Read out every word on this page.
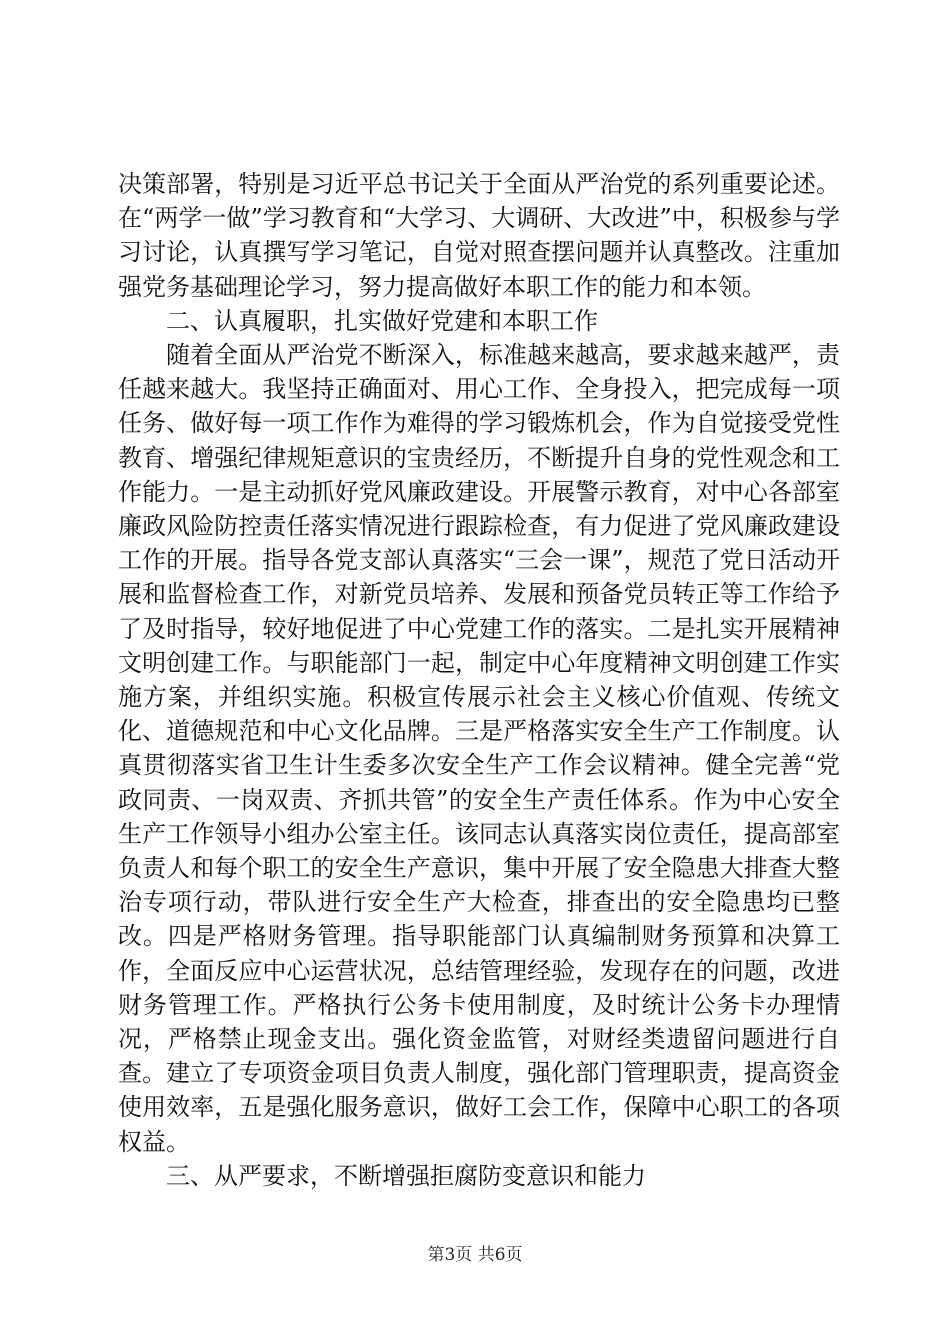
决策部署，特别是习近平总书记关于全面从严治党的系列重要论述。在“两学一做”学习教育和“大学习、大调研、大改进”中，积极参与学习讨论，认真撰写学习笔记，自觉对照查摆问题并认真整改。注重加强党务基础理论学习，努力提高做好本职工作的能力和本领。

二、认真履职，扎实做好党建和本职工作

随着全面从严治党不断深入，标准越来越高，要求越来越严，责任越来越大。我坚持正确面对、用心工作、全身投入，把完成每一项任务、做好每一项工作作为难得的学习锻炼机会，作为自觉接受党性教育、增强纪律规矩意识的宝贵经历，不断提升自身的党性观念和工作能力。一是主动抓好党风廉政建设。开展警示教育，对中心各部室廉政风险防控责任落实情况进行跟踪检查，有力促进了党风廉政建设工作的开展。指导各党支部认真落实“三会一课”，规范了党日活动开展和监督检查工作，对新党员培养、发展和预备党员转正等工作给予了及时指导，较好地促进了中心党建工作的落实。二是扎实开展精神文明创建工作。与职能部门一起，制定中心年度精神文明创建工作实施方案，并组织实施。积极宣传展示社会主义核心价值观、传统文化、道德规范和中心文化品牌。三是严格落实安全生产工作制度。认真贯彻落实省卫生计生委多次安全生产工作会议精神。健全完善“党政同责、一岗双责、齐抓共管”的安全生产责任体系。作为中心安全生产工作领导小组办公室主任。该同志认真落实岗位责任，提高部室负责人和每个职工的安全生产意识，集中开展了安全隐患大排查大整治专项行动，带队进行安全生产大检查，排查出的安全隐患均已整改。四是严格财务管理。指导职能部门认真编制财务预算和决算工作，全面反应中心运营状况，总结管理经验，发现存在的问题，改进财务管理工作。严格执行公务卡使用制度，及时统计公务卡办理情况，严格禁止现金支出。强化资金监管，对财经类遗留问题进行自查。建立了专项资金项目负责人制度，强化部门管理职责，提高资金使用效率，五是强化服务意识，做好工会工作，保障中心职工的各项权益。

三、从严要求，不断增强拒腐防变意识和能力

第3页 共6页
